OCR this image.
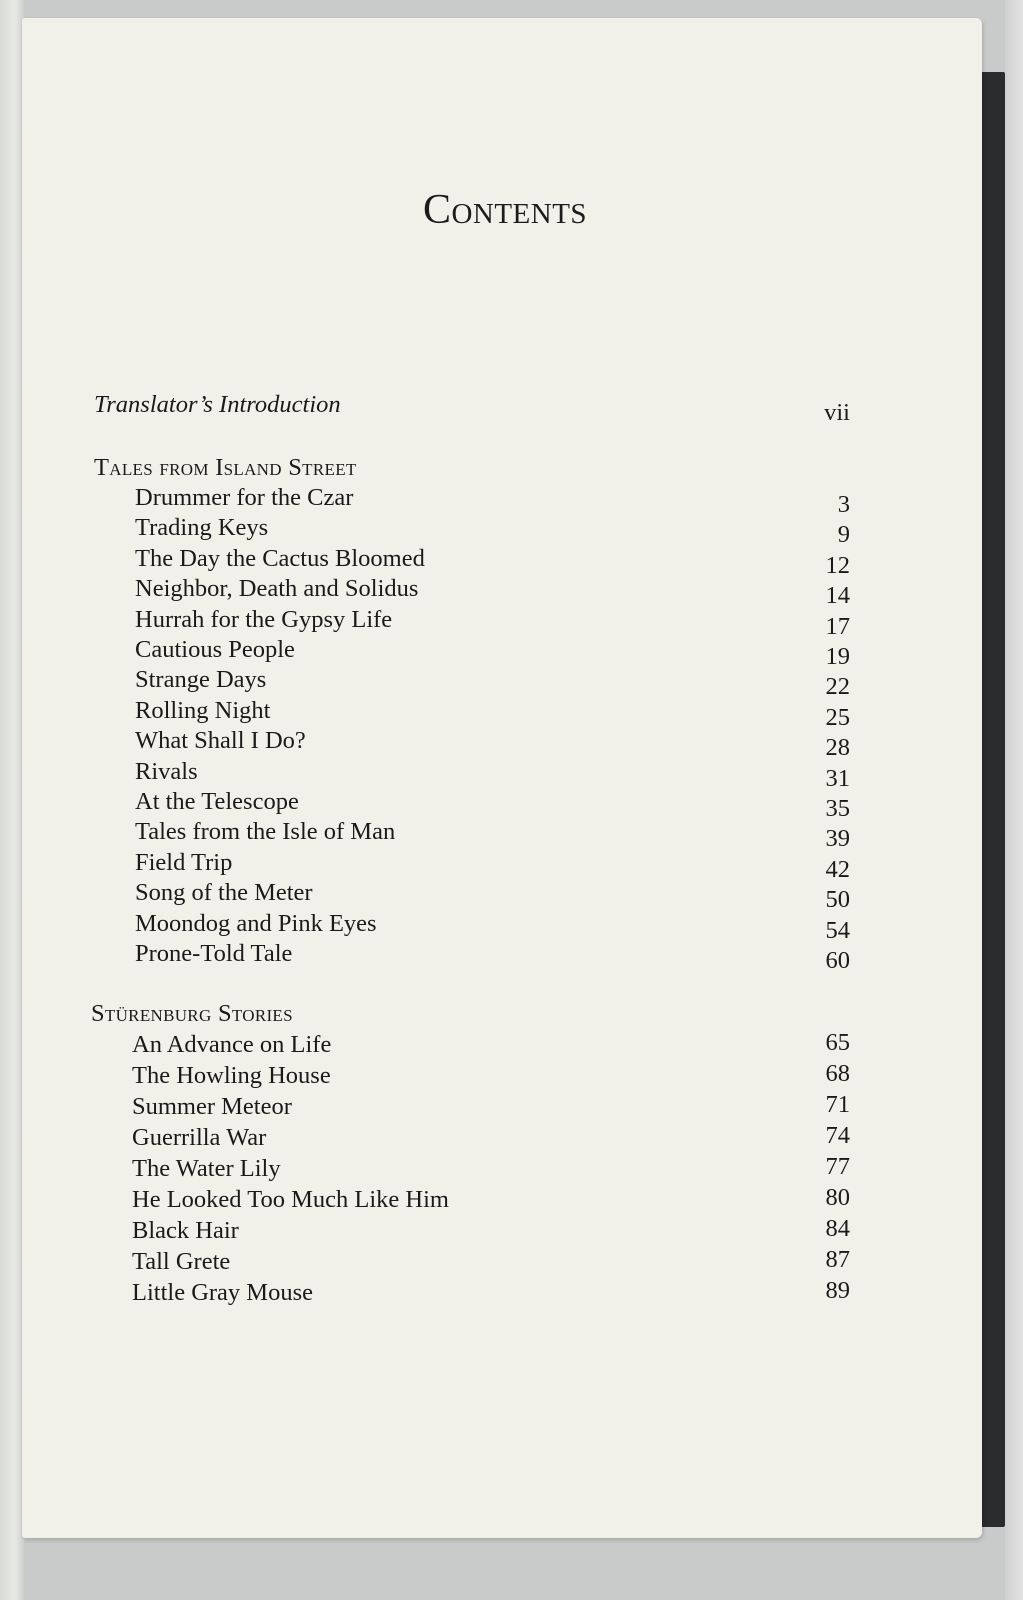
Contents
Translator’s Introduction	vii
Tales from Island Street
Drummer for the Czar	3
Trading Keys	9
The Day the Cactus Bloomed	12
Neighbor, Death and Solidus	14
Hurrah for the Gypsy Life	17
Cautious People	19
Strange Days	22
Rolling Night	25
What Shall I Do?	28
Rivals	31
At the Telescope	35
Tales from the Isle of Man	39
Field Trip	42
Song of the Meter	50
Moondog and Pink Eyes	54
Prone-Told Tale	60
Stürenburg Stories
An Advance on Life	65
The Howling House	68
Summer Meteor	71
Guerrilla War	74
The Water Lily	77
He Looked Too Much Like Him	80
Black Hair	84
Tall Grete	87
Little Gray Mouse	89
